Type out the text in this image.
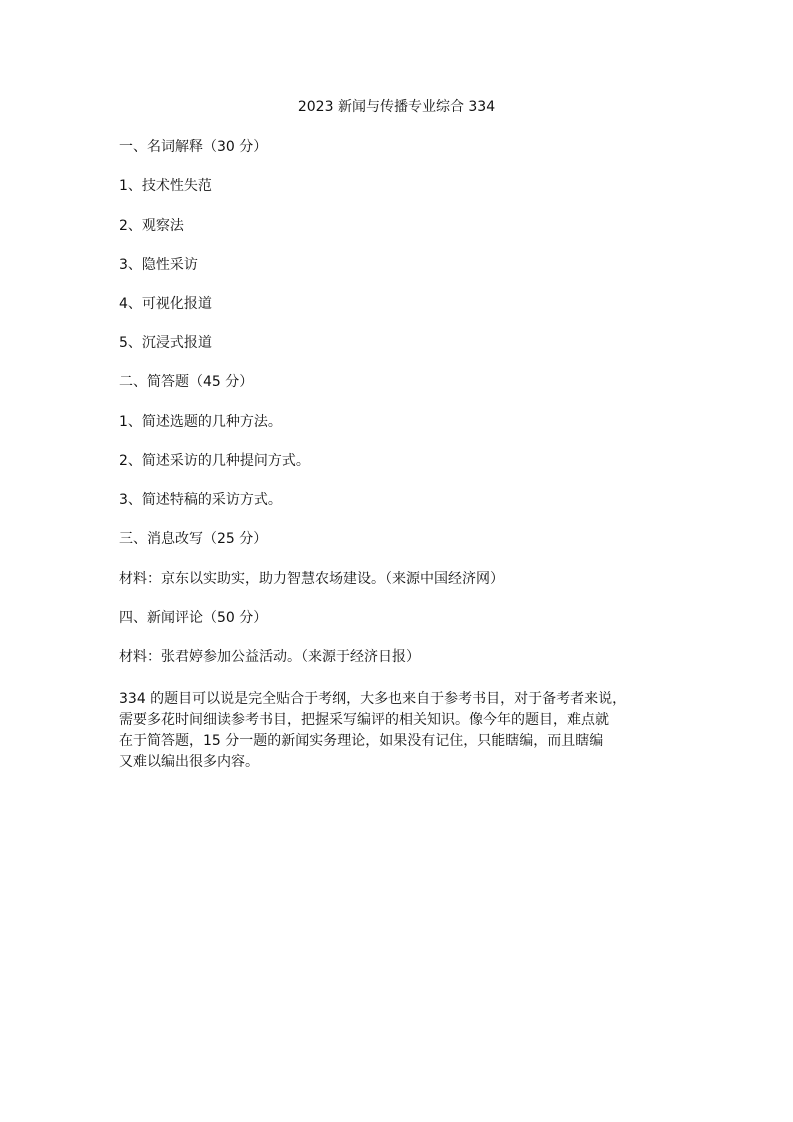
2023 新闻与传播专业综合 334
一、名词解释（30 分）
1、技术性失范
2、观察法
3、隐性采访
4、可视化报道
5、沉浸式报道
二、简答题（45 分）
1、简述选题的几种方法。
2、简述采访的几种提问方式。
3、简述特稿的采访方式。
三、消息改写（25 分）
材料：京东以实助实，助力智慧农场建设。（来源中国经济网）
四、新闻评论（50 分）
材料：张君婷参加公益活动。（来源于经济日报）
334 的题目可以说是完全贴合于考纲，大多也来自于参考书目，对于备考者来说，
需要多花时间细读参考书目，把握采写编评的相关知识。像今年的题目，难点就
在于简答题，15 分一题的新闻实务理论，如果没有记住，只能瞎编，而且瞎编
又难以编出很多内容。
